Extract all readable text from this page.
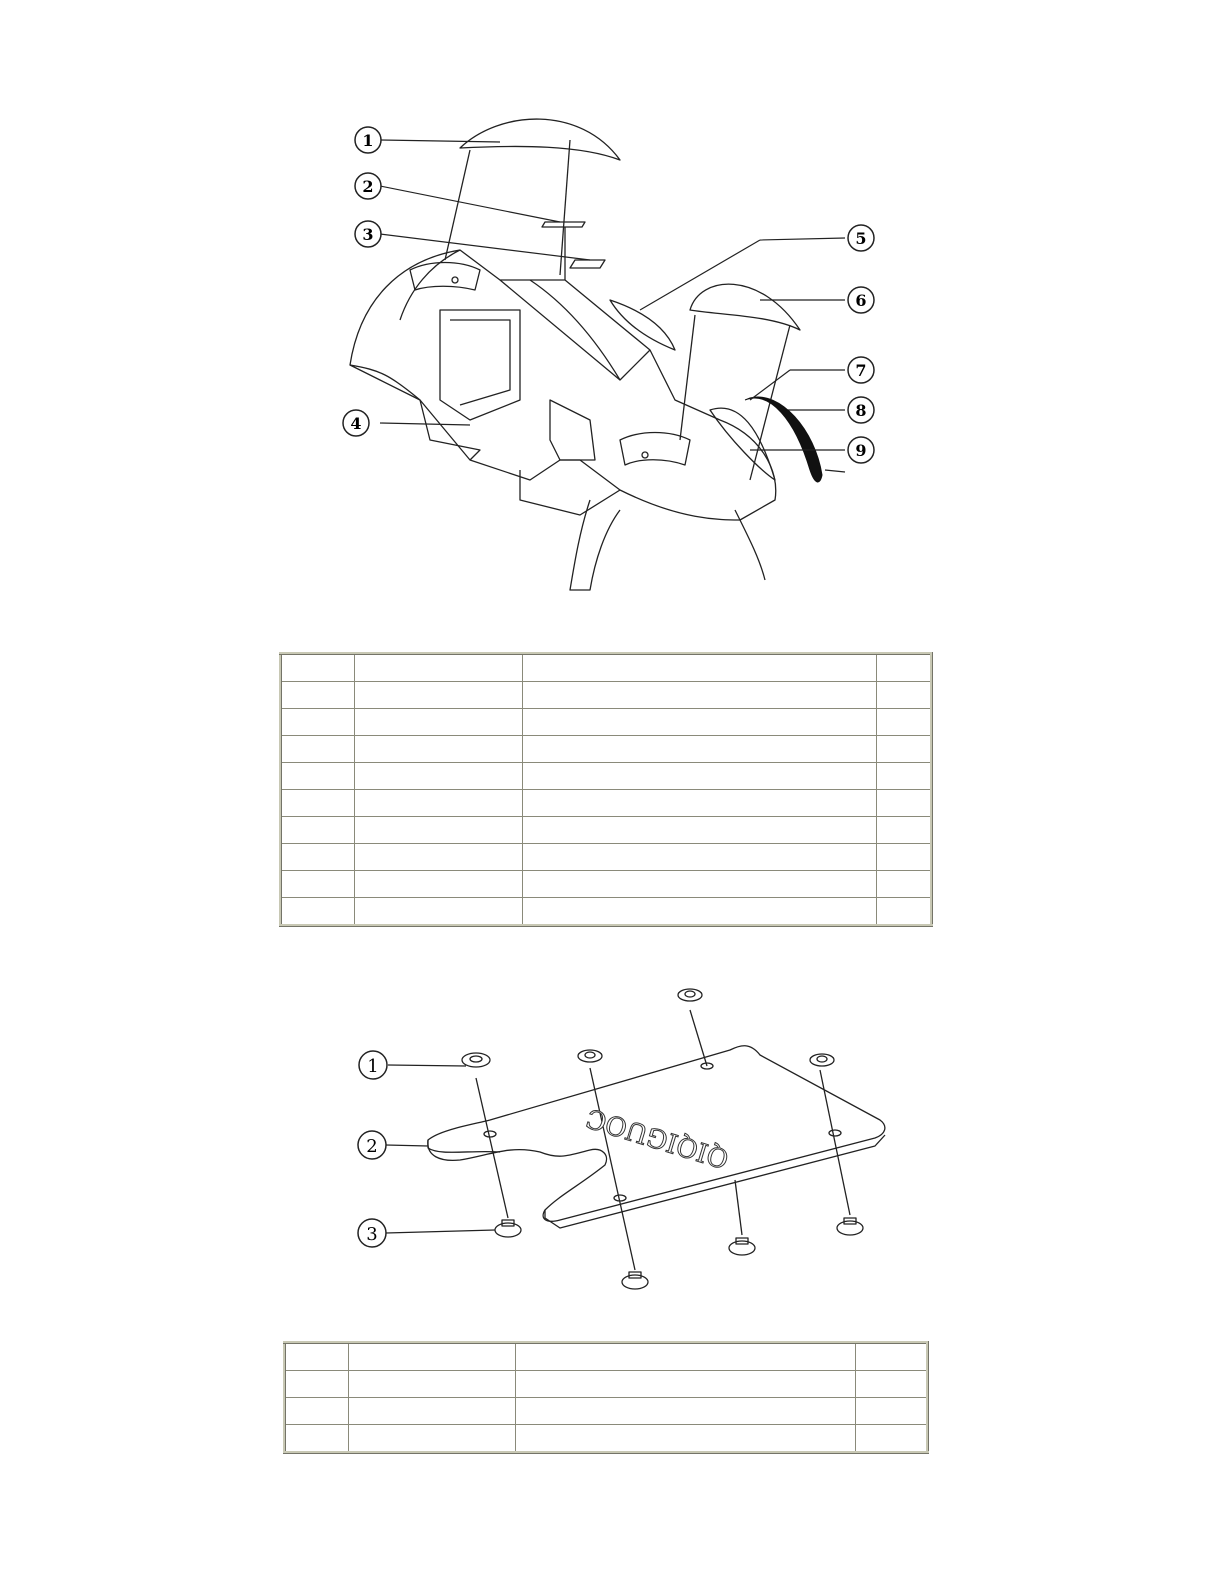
1
2
3
4
5
6
7
8
9

QIQIGUOC
1
2
3
